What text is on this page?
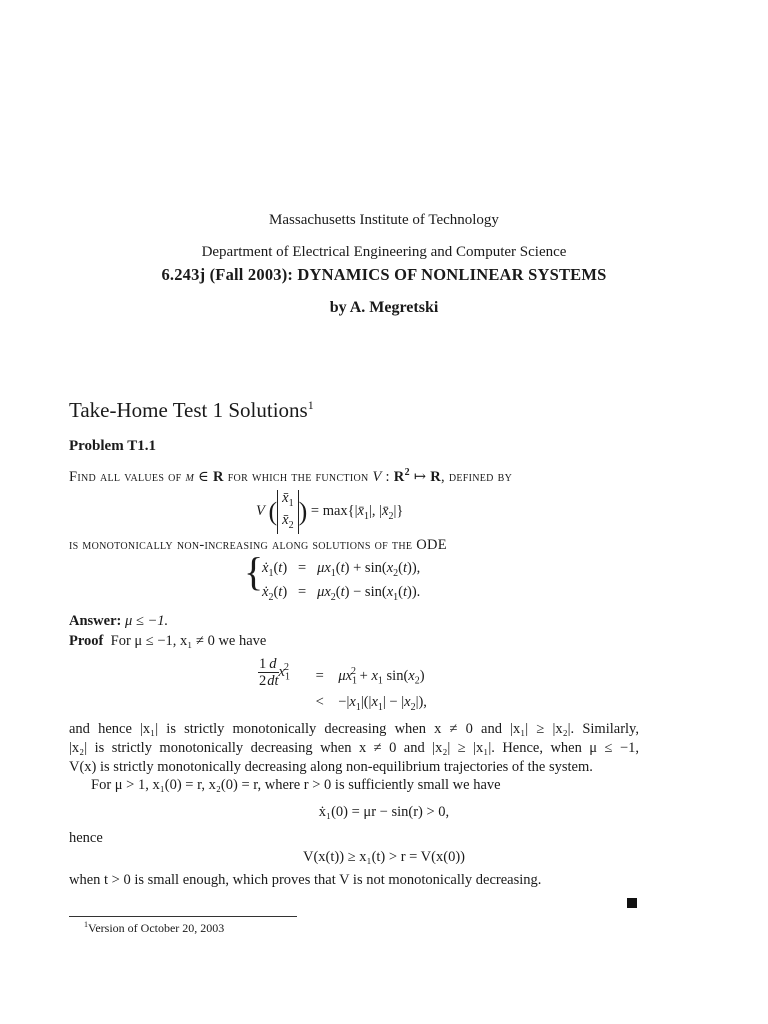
Massachusetts Institute of Technology
Department of Electrical Engineering and Computer Science
6.243j (Fall 2003): DYNAMICS OF NONLINEAR SYSTEMS
by A. Megretski
Take-Home Test 1 Solutions$^1$
Problem T1.1
Find all values of μ ∈ R for which the function V : $R^2$ ↦ R, defined by
V ( $x̄_1$
$x̄_2$ ) = $\max\{|x̄_1|$, $|x̄_2|$}
is monotonically non-increasing along solutions of the ODE
{
ẋ$_1$(t)   =   $\mu x_1(t) + \sin(x_2(t))$,
ẋ$_2$(t)   =   $\mu x_2(t) - \sin(x_1(t))$.
Answer: μ ≤ −1.
Proof For μ ≤ −1, x₁ ≠ 0 we have
$\frac{1}{2} \frac{d}{dt} x_1^2$
=    $\mu x_1^2 + x_1$ $\sin(x_2)$
<    $-|x_1|(|x_1| - |x_2|)$,
and hence |x₁| is strictly monotonically decreasing when x ≠ 0 and |x₁| ≥ |x₂|. Similarly,
|x₂| is strictly monotonically decreasing when x ≠ 0 and |x₂| ≥ |x₁|. Hence, when μ ≤ −1,
V(x) is strictly monotonically decreasing along non-equilibrium trajectories of the system.
For μ > 1, x₁(0) = r, x₂(0) = r, where r > 0 is sufficiently small we have
ẋ₁(0) = μr − sin(r) > 0,
hence
V(x(t)) ≥ x₁(t) > r = V(x(0))
when t > 0 is small enough, which proves that V is not monotonically decreasing.
$^1$Version of October 20, 2003
